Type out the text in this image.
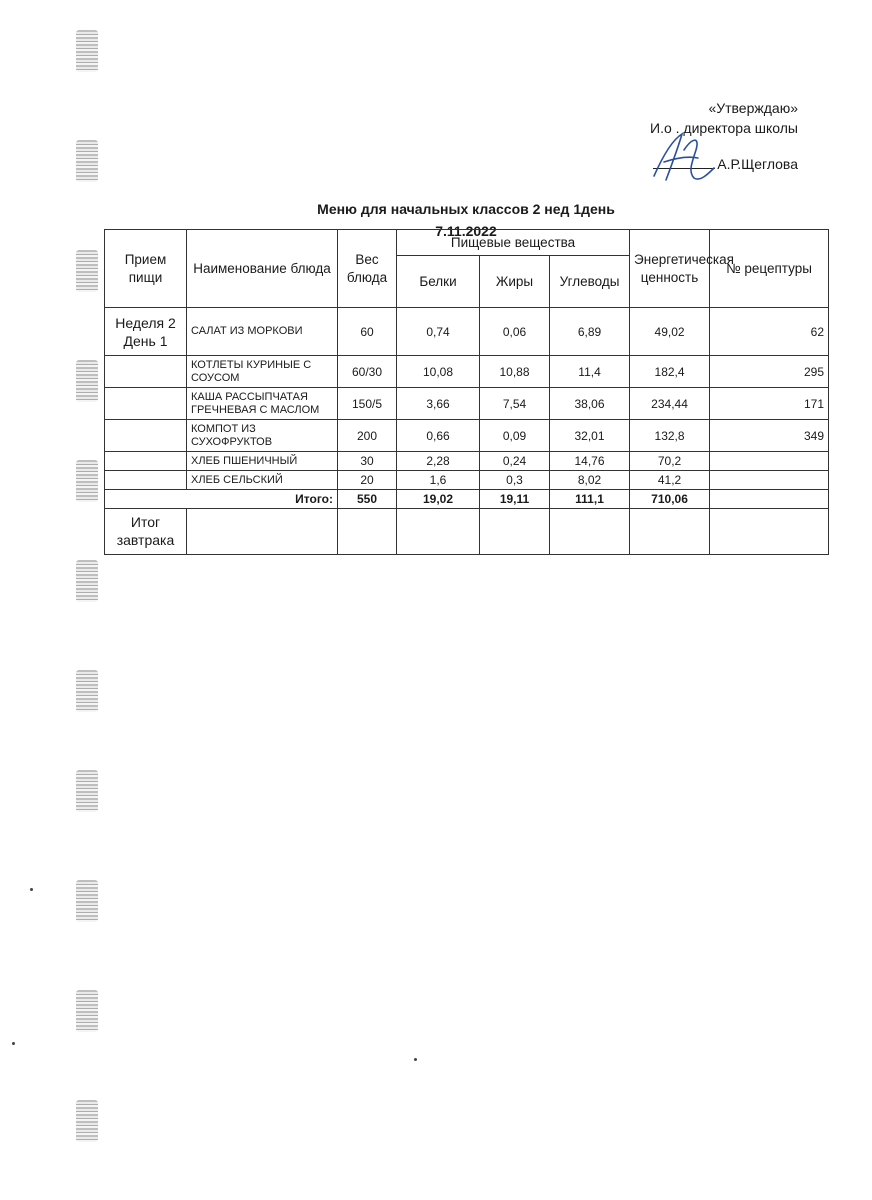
«Утверждаю»
И.о . директора школы
А.Р.Щеглова
Меню для начальных классов 2 нед 1день
7.11.2022
Прием пищи	Наименование блюда	Вес блюда	Пищевые вещества			Энергетическая ценность	№ рецептуры
			Белки	Жиры	Углеводы		
Неделя 2 День 1	САЛАТ ИЗ МОРКОВИ	60	0,74	0,06	6,89	49,02	62
	КОТЛЕТЫ КУРИНЫЕ С СОУСОМ	60/30	10,08	10,88	11,4	182,4	295
	КАША РАССЫПЧАТАЯ ГРЕЧНЕВАЯ С МАСЛОМ	150/5	3,66	7,54	38,06	234,44	171
	КОМПОТ ИЗ СУХОФРУКТОВ	200	0,66	0,09	32,01	132,8	349
	ХЛЕБ ПШЕНИЧНЫЙ	30	2,28	0,24	14,76	70,2	
	ХЛЕБ СЕЛЬСКИЙ	20	1,6	0,3	8,02	41,2	
Итого:		550	19,02	19,11	111,1	710,06	
Итог завтрака							
